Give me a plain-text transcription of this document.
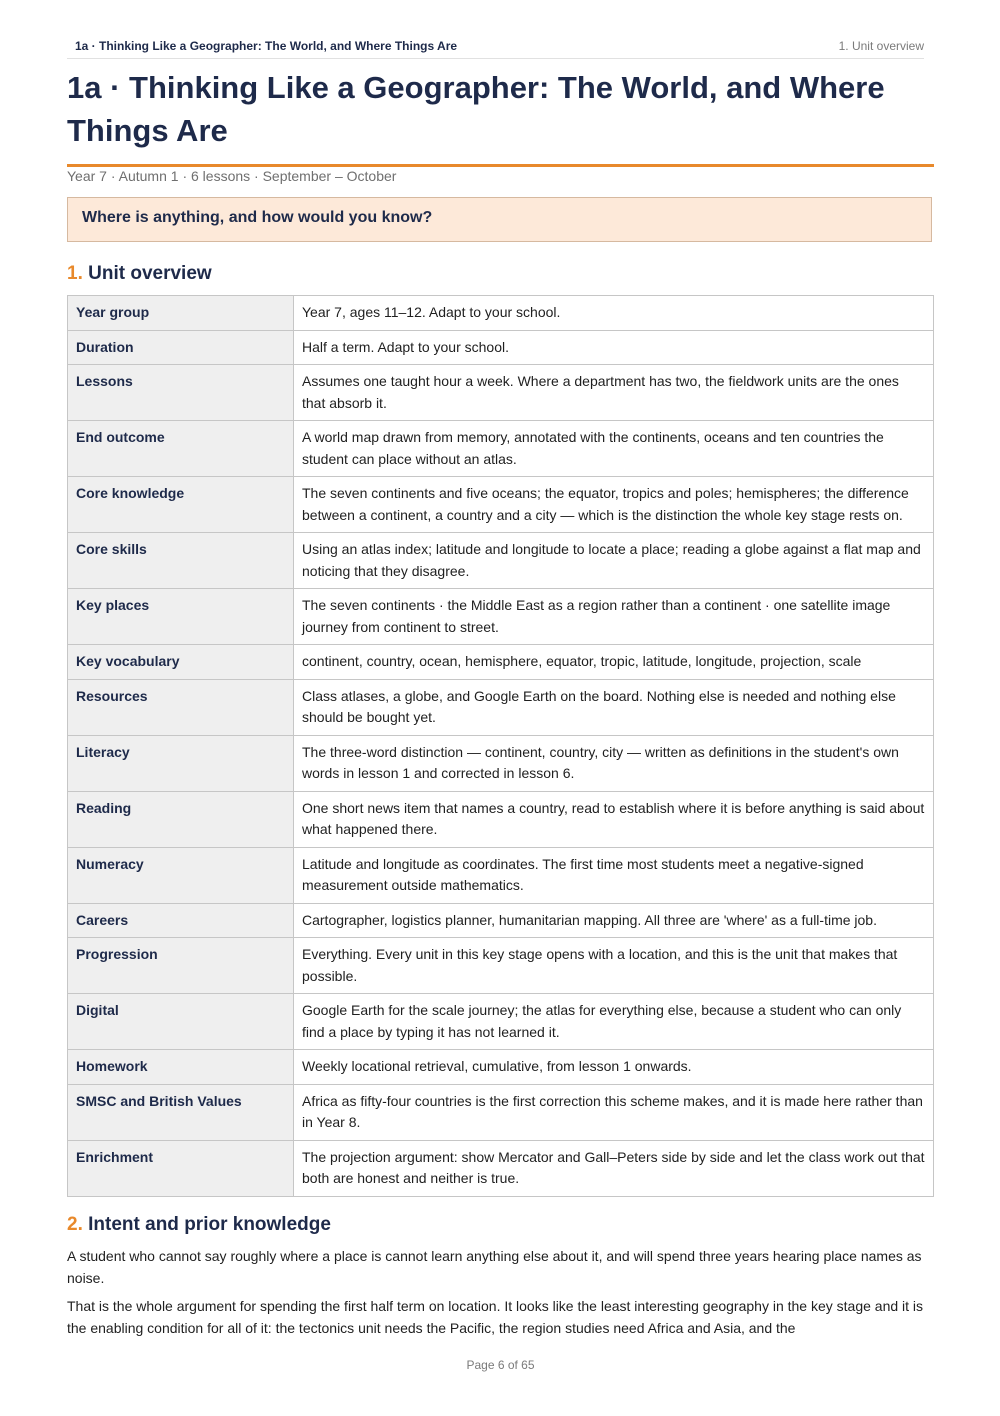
1a · Thinking Like a Geographer: The World, and Where Things Are	1. Unit overview
1a · Thinking Like a Geographer: The World, and Where Things Are
Year 7 · Autumn 1 · 6 lessons · September – October
Where is anything, and how would you know?
1. Unit overview
Year group	Year 7, ages 11–12. Adapt to your school.
Duration	Half a term. Adapt to your school.
Lessons	Assumes one taught hour a week. Where a department has two, the fieldwork units are the ones that absorb it.
End outcome	A world map drawn from memory, annotated with the continents, oceans and ten countries the student can place without an atlas.
Core knowledge	The seven continents and five oceans; the equator, tropics and poles; hemispheres; the difference between a continent, a country and a city — which is the distinction the whole key stage rests on.
Core skills	Using an atlas index; latitude and longitude to locate a place; reading a globe against a flat map and noticing that they disagree.
Key places	The seven continents · the Middle East as a region rather than a continent · one satellite image journey from continent to street.
Key vocabulary	continent, country, ocean, hemisphere, equator, tropic, latitude, longitude, projection, scale
Resources	Class atlases, a globe, and Google Earth on the board. Nothing else is needed and nothing else should be bought yet.
Literacy	The three-word distinction — continent, country, city — written as definitions in the student's own words in lesson 1 and corrected in lesson 6.
Reading	One short news item that names a country, read to establish where it is before anything is said about what happened there.
Numeracy	Latitude and longitude as coordinates. The first time most students meet a negative-signed measurement outside mathematics.
Careers	Cartographer, logistics planner, humanitarian mapping. All three are 'where' as a full-time job.
Progression	Everything. Every unit in this key stage opens with a location, and this is the unit that makes that possible.
Digital	Google Earth for the scale journey; the atlas for everything else, because a student who can only find a place by typing it has not learned it.
Homework	Weekly locational retrieval, cumulative, from lesson 1 onwards.
SMSC and British Values	Africa as fifty-four countries is the first correction this scheme makes, and it is made here rather than in Year 8.
Enrichment	The projection argument: show Mercator and Gall–Peters side by side and let the class work out that both are honest and neither is true.
2. Intent and prior knowledge

A student who cannot say roughly where a place is cannot learn anything else about it, and will spend three years hearing place names as noise.

That is the whole argument for spending the first half term on location. It looks like the least interesting geography in the key stage and it is the enabling condition for all of it: the tectonics unit needs the Pacific, the region studies need Africa and Asia, and the

Page 6 of 65
